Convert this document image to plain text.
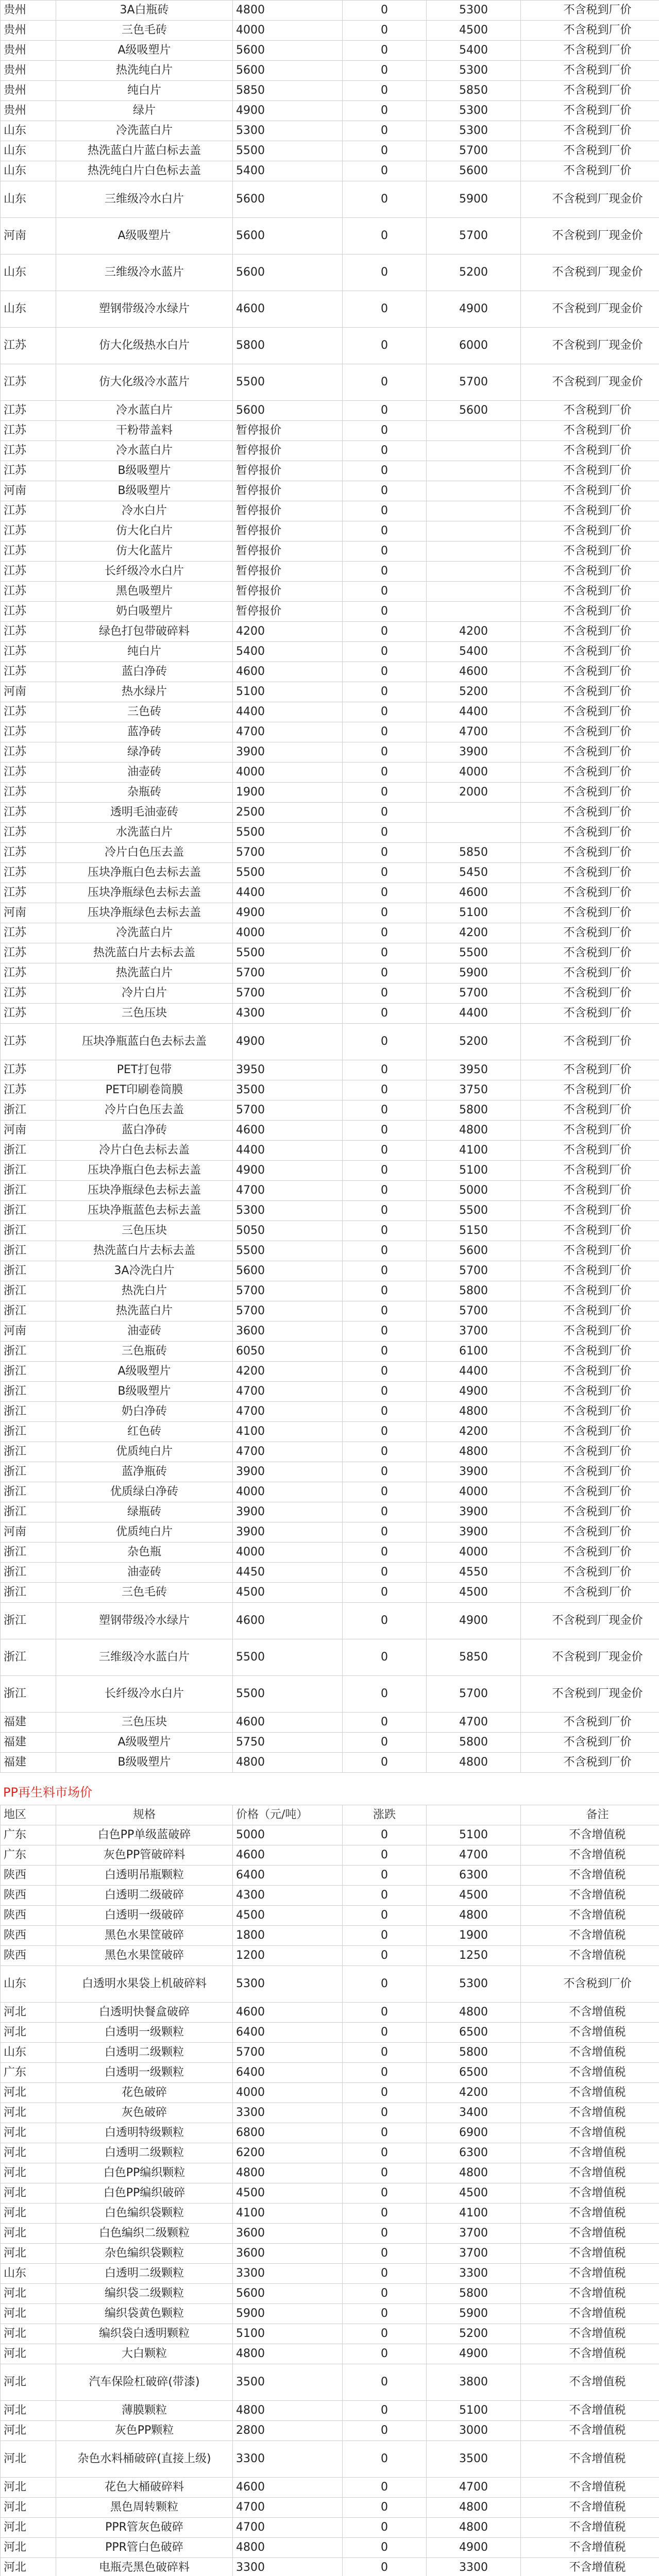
贵州	3A白瓶砖	4800	0	5300	不含税到厂价
贵州	三色毛砖	4000	0	4500	不含税到厂价
贵州	A级吸塑片	5600	0	5400	不含税到厂价
贵州	热洗纯白片	5600	0	5300	不含税到厂价
贵州	纯白片	5850	0	5850	不含税到厂价
贵州	绿片	4900	0	5300	不含税到厂价
山东	冷洗蓝白片	5300	0	5300	不含税到厂价
山东	热洗蓝白片蓝白标去盖	5500	0	5700	不含税到厂价
山东	热洗纯白片白色标去盖	5400	0	5600	不含税到厂价
山东	三维级冷水白片	5600	0	5900	不含税到厂现金价
河南	A级吸塑片	5600	0	5700	不含税到厂现金价
山东	三维级冷水蓝片	5600	0	5200	不含税到厂现金价
山东	塑钢带级冷水绿片	4600	0	4900	不含税到厂现金价
江苏	仿大化级热水白片	5800	0	6000	不含税到厂现金价
江苏	仿大化级冷水蓝片	5500	0	5700	不含税到厂现金价
江苏	冷水蓝白片	5600	0	5600	不含税到厂价
江苏	干粉带盖料	暂停报价	0		不含税到厂价
江苏	冷水蓝白片	暂停报价	0		不含税到厂价
江苏	B级吸塑片	暂停报价	0		不含税到厂价
河南	B级吸塑片	暂停报价	0		不含税到厂价
江苏	冷水白片	暂停报价	0		不含税到厂价
江苏	仿大化白片	暂停报价	0		不含税到厂价
江苏	仿大化蓝片	暂停报价	0		不含税到厂价
江苏	长纤级冷水白片	暂停报价	0		不含税到厂价
江苏	黑色吸塑片	暂停报价	0		不含税到厂价
江苏	奶白吸塑片	暂停报价	0		不含税到厂价
江苏	绿色打包带破碎料	4200	0	4200	不含税到厂价
江苏	纯白片	5400	0	5400	不含税到厂价
江苏	蓝白净砖	4600	0	4600	不含税到厂价
河南	热水绿片	5100	0	5200	不含税到厂价
江苏	三色砖	4400	0	4400	不含税到厂价
江苏	蓝净砖	4700	0	4700	不含税到厂价
江苏	绿净砖	3900	0	3900	不含税到厂价
江苏	油壶砖	4000	0	4000	不含税到厂价
江苏	杂瓶砖	1900	0	2000	不含税到厂价
江苏	透明毛油壶砖	2500	0		不含税到厂价
江苏	水洗蓝白片	5500	0		不含税到厂价
江苏	冷片白色压去盖	5700	0	5850	不含税到厂价
江苏	压块净瓶白色去标去盖	5500	0	5450	不含税到厂价
江苏	压块净瓶绿色去标去盖	4400	0	4600	不含税到厂价
河南	压块净瓶绿色去标去盖	4900	0	5100	不含税到厂价
江苏	冷洗蓝白片	4000	0	4200	不含税到厂价
江苏	热洗蓝白片去标去盖	5500	0	5500	不含税到厂价
江苏	热洗蓝白片	5700	0	5900	不含税到厂价
江苏	冷片白片	5700	0	5700	不含税到厂价
江苏	三色压块	4300	0	4400	不含税到厂价
江苏	压块净瓶蓝白色去标去盖	4900	0	5200	不含税到厂价
江苏	PET打包带	3950	0	3950	不含税到厂价
江苏	PET印刷卷筒膜	3500	0	3750	不含税到厂价
浙江	冷片白色压去盖	5700	0	5800	不含税到厂价
河南	蓝白净砖	4600	0	4800	不含税到厂价
浙江	冷片白色去标去盖	4400	0	4100	不含税到厂价
浙江	压块净瓶白色去标去盖	4900	0	5100	不含税到厂价
浙江	压块净瓶绿色去标去盖	4700	0	5000	不含税到厂价
浙江	压块净瓶蓝色去标去盖	5300	0	5500	不含税到厂价
浙江	三色压块	5050	0	5150	不含税到厂价
浙江	热洗蓝白片去标去盖	5500	0	5600	不含税到厂价
浙江	3A冷洗白片	5600	0	5700	不含税到厂价
浙江	热洗白片	5700	0	5800	不含税到厂价
浙江	热洗蓝白片	5700	0	5700	不含税到厂价
河南	油壶砖	3600	0	3700	不含税到厂价
浙江	三色瓶砖	6050	0	6100	不含税到厂价
浙江	A级吸塑片	4200	0	4400	不含税到厂价
浙江	B级吸塑片	4700	0	4900	不含税到厂价
浙江	奶白净砖	4700	0	4800	不含税到厂价
浙江	红色砖	4100	0	4200	不含税到厂价
浙江	优质纯白片	4700	0	4800	不含税到厂价
浙江	蓝净瓶砖	3900	0	3900	不含税到厂价
浙江	优质绿白净砖	4000	0	4000	不含税到厂价
浙江	绿瓶砖	3900	0	3900	不含税到厂价
河南	优质纯白片	3900	0	3900	不含税到厂价
浙江	杂色瓶	4000	0	4000	不含税到厂价
浙江	油壶砖	4450	0	4550	不含税到厂价
浙江	三色毛砖	4500	0	4500	不含税到厂价
浙江	塑钢带级冷水绿片	4600	0	4900	不含税到厂现金价
浙江	三维级冷水蓝白片	5500	0	5850	不含税到厂现金价
浙江	长纤级冷水白片	5500	0	5700	不含税到厂现金价
福建	三色压块	4600	0	4700	不含税到厂价
福建	A级吸塑片	5750	0	5800	不含税到厂价
福建	B级吸塑片	4800	0	4800	不含税到厂价
PP再生料市场价
地区	规格	价格（元/吨）	涨跌		备注
广东	白色PP单级蓝破碎	5000	0	5100	不含增值税
广东	灰色PP管破碎料	4600	0	4700	不含增值税
陕西	白透明吊瓶颗粒	6400	0	6300	不含增值税
陕西	白透明二级破碎	4300	0	4500	不含增值税
陕西	白透明一级破碎	4500	0	4800	不含增值税
陕西	黑色水果筐破碎	1800	0	1900	不含增值税
陕西	黑色水果筐破碎	1200	0	1250	不含增值税
山东	白透明水果袋上机破碎料	5300	0	5300	不含税到厂价
河北	白透明快餐盒破碎	4600	0	4800	不含增值税
河北	白透明一级颗粒	6400	0	6500	不含增值税
山东	白透明二级颗粒	5700	0	5800	不含增值税
广东	白透明一级颗粒	6400	0	6500	不含增值税
河北	花色破碎	4000	0	4200	不含增值税
河北	灰色破碎	3300	0	3400	不含增值税
河北	白透明特级颗粒	6800	0	6900	不含增值税
河北	白透明二级颗粒	6200	0	6300	不含增值税
河北	白色PP编织颗粒	4800	0	4800	不含增值税
河北	白色PP编织破碎	4500	0	4500	不含增值税
河北	白色编织袋颗粒	4100	0	4100	不含增值税
河北	白色编织二级颗粒	3600	0	3700	不含增值税
河北	杂色编织袋颗粒	3600	0	3700	不含增值税
山东	白透明二级颗粒	3300	0	3300	不含增值税
河北	编织袋二级颗粒	5600	0	5800	不含增值税
河北	编织袋黄色颗粒	5900	0	5900	不含增值税
河北	编织袋白透明颗粒	5100	0	5200	不含增值税
河北	大白颗粒	4800	0	4900	不含增值税
河北	汽车保险杠破碎(带漆)	3500	0	3800	不含增值税
河北	薄膜颗粒	4800	0	5100	不含增值税
河北	灰色PP颗粒	2800	0	3000	不含增值税
河北	杂色水料桶破碎(直接上级)	3300	0	3500	不含增值税
河北	花色大桶破碎料	4600	0	4700	不含增值税
河北	黑色周转颗粒	4700	0	4800	不含增值税
河北	PPR管灰色破碎	4700	0	4800	不含增值税
河北	PPR管白色破碎	4800	0	4900	不含增值税
河北	电瓶壳黑色破碎料	3300	0	3300	不含增值税
